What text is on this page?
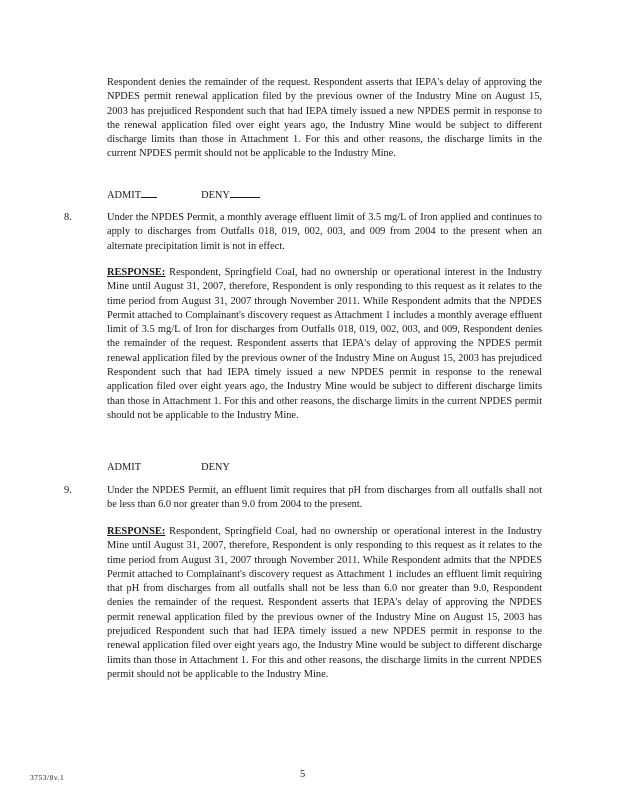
Respondent denies the remainder of the request. Respondent asserts that IEPA's delay of approving the NPDES permit renewal application filed by the previous owner of the Industry Mine on August 15, 2003 has prejudiced Respondent such that had IEPA timely issued a new NPDES permit in response to the renewal application filed over eight years ago, the Industry Mine would be subject to different discharge limits than those in Attachment 1. For this and other reasons, the discharge limits in the current NPDES permit should not be applicable to the Industry Mine.

ADMIT	DENY
8.	Under the NPDES Permit, a monthly average effluent limit of 3.5 mg/L of Iron applied and continues to apply to discharges from Outfalls 018, 019, 002, 003, and 009 from 2004 to the present when an alternate precipitation limit is not in effect.

RESPONSE: Respondent, Springfield Coal, had no ownership or operational interest in the Industry Mine until August 31, 2007, therefore, Respondent is only responding to this request as it relates to the time period from August 31, 2007 through November 2011. While Respondent admits that the NPDES Permit attached to Complainant's discovery request as Attachment 1 includes a monthly average effluent limit of 3.5 mg/L of Iron for discharges from Outfalls 018, 019, 002, 003, and 009, Respondent denies the remainder of the request. Respondent asserts that IEPA's delay of approving the NPDES permit renewal application filed by the previous owner of the Industry Mine on August 15, 2003 has prejudiced Respondent such that had IEPA timely issued a new NPDES permit in response to the renewal application filed over eight years ago, the Industry Mine would be subject to different discharge limits than those in Attachment 1. For this and other reasons, the discharge limits in the current NPDES permit should not be applicable to the Industry Mine.

ADMIT	DENY
9.	Under the NPDES Permit, an effluent limit requires that pH from discharges from all outfalls shall not be less than 6.0 nor greater than 9.0 from 2004 to the present.

RESPONSE: Respondent, Springfield Coal, had no ownership or operational interest in the Industry Mine until August 31, 2007, therefore, Respondent is only responding to this request as it relates to the time period from August 31, 2007 through November 2011. While Respondent admits that the NPDES Permit attached to Complainant's discovery request as Attachment 1 includes an effluent limit requiring that pH from discharges from all outfalls shall not be less than 6.0 nor greater than 9.0, Respondent denies the remainder of the request. Respondent asserts that IEPA's delay of approving the NPDES permit renewal application filed by the previous owner of the Industry Mine on August 15, 2003 has prejudiced Respondent such that had IEPA timely issued a new NPDES permit in response to the renewal application filed over eight years ago, the Industry Mine would be subject to different discharge limits than those in Attachment 1. For this and other reasons, the discharge limits in the current NPDES permit should not be applicable to the Industry Mine.

3753/8v.1	5
